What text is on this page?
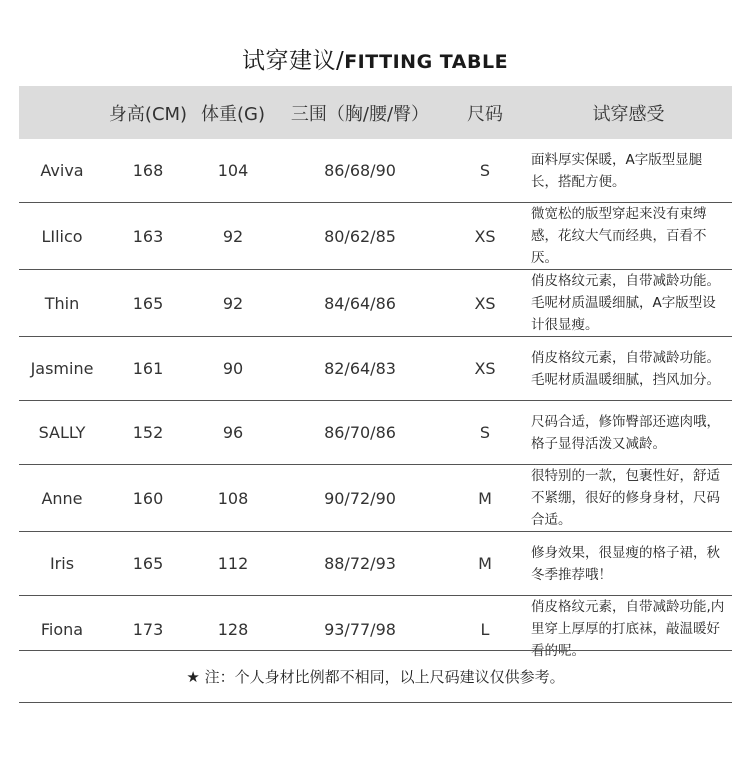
试穿建议/FITTING TABLE
	身高(CM)	体重(G)	三围（胸/腰/臀）	尺码	试穿感受
Aviva	168	104	86/68/90	S	面料厚实保暖，A字版型显腿长，搭配方便。
LIlico	163	92	80/62/85	XS	微宽松的版型穿起来没有束缚感，花纹大气而经典，百看不厌。
Thin	165	92	84/64/86	XS	俏皮格纹元素，自带减龄功能。毛呢材质温暖细腻，A字版型设计很显瘦。
Jasmine	161	90	82/64/83	XS	俏皮格纹元素，自带减龄功能。毛呢材质温暖细腻，挡风加分。
SALLY	152	96	86/70/86	S	尺码合适，修饰臀部还遮肉哦，格子显得活泼又减龄。
Anne	160	108	90/72/90	M	很特别的一款，包裹性好，舒适不紧绷，很好的修身身材，尺码合适。
Iris	165	112	88/72/93	M	修身效果，很显瘦的格子裙，秋冬季推荐哦！
Fiona	173	128	93/77/98	L	俏皮格纹元素，自带减龄功能,内里穿上厚厚的打底袜，敲温暖好看的呢。
★ 注：个人身材比例都不相同，以上尺码建议仅供参考。
